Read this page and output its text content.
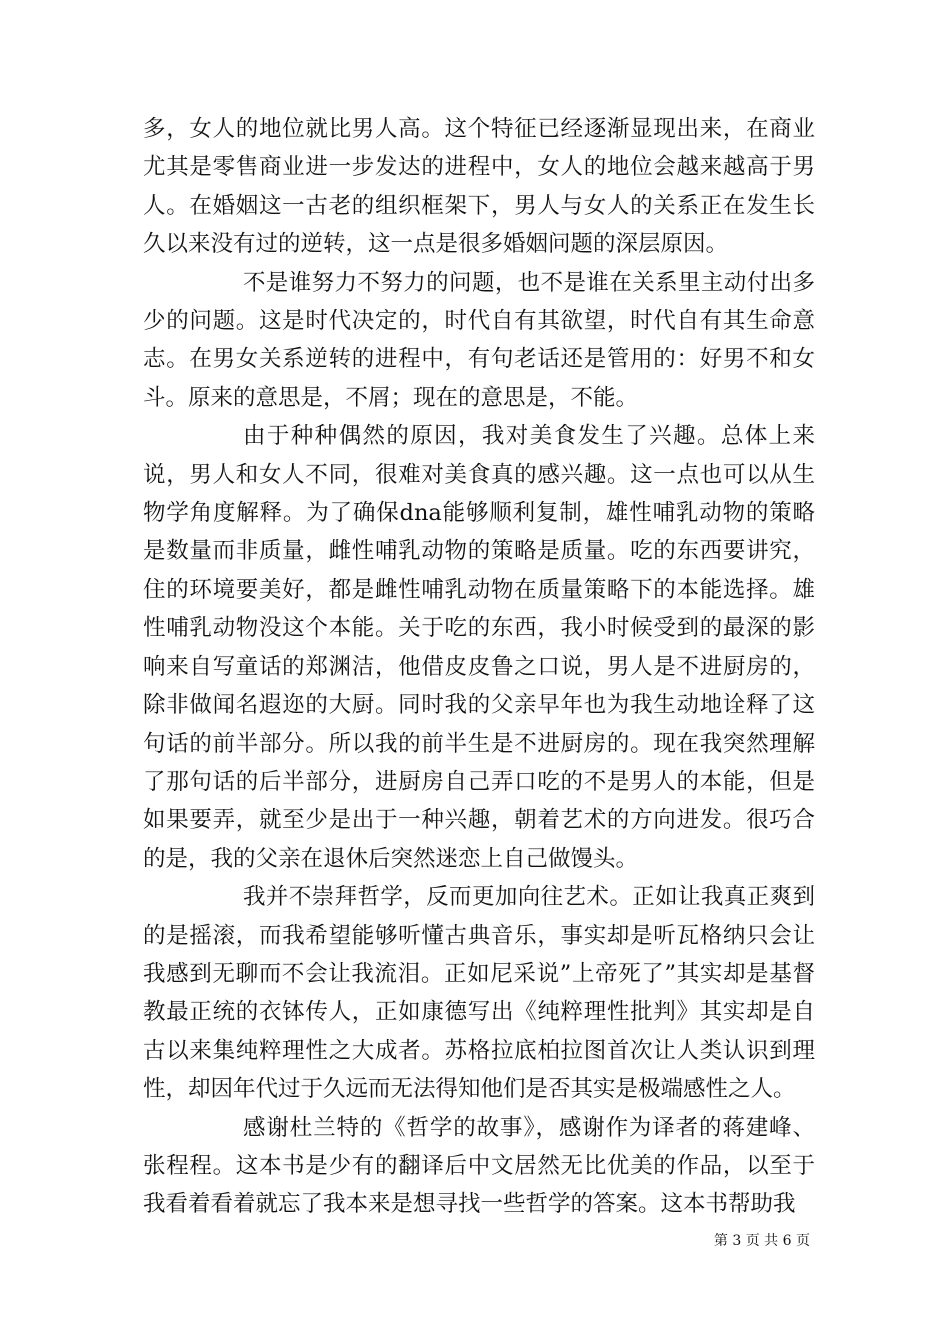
多，女人的地位就比男人高。这个特征已经逐渐显现出来，在商业尤其是零售商业进一步发达的进程中，女人的地位会越来越高于男人。在婚姻这一古老的组织框架下，男人与女人的关系正在发生长久以来没有过的逆转，这一点是很多婚姻问题的深层原因。

不是谁努力不努力的问题，也不是谁在关系里主动付出多少的问题。这是时代决定的，时代自有其欲望，时代自有其生命意志。在男女关系逆转的进程中，有句老话还是管用的：好男不和女斗。原来的意思是，不屑；现在的意思是，不能。

由于种种偶然的原因，我对美食发生了兴趣。总体上来说，男人和女人不同，很难对美食真的感兴趣。这一点也可以从生物学角度解释。为了确保dna能够顺利复制，雄性哺乳动物的策略是数量而非质量，雌性哺乳动物的策略是质量。吃的东西要讲究，住的环境要美好，都是雌性哺乳动物在质量策略下的本能选择。雄性哺乳动物没这个本能。关于吃的东西，我小时候受到的最深的影响来自写童话的郑渊洁，他借皮皮鲁之口说，男人是不进厨房的，除非做闻名遐迩的大厨。同时我的父亲早年也为我生动地诠释了这句话的前半部分。所以我的前半生是不进厨房的。现在我突然理解了那句话的后半部分，进厨房自己弄口吃的不是男人的本能，但是如果要弄，就至少是出于一种兴趣，朝着艺术的方向进发。很巧合的是，我的父亲在退休后突然迷恋上自己做馒头。

我并不崇拜哲学，反而更加向往艺术。正如让我真正爽到的是摇滚，而我希望能够听懂古典音乐，事实却是听瓦格纳只会让我感到无聊而不会让我流泪。正如尼采说”上帝死了”其实却是基督教最正统的衣钵传人，正如康德写出《纯粹理性批判》其实却是自古以来集纯粹理性之大成者。苏格拉底柏拉图首次让人类认识到理性，却因年代过于久远而无法得知他们是否其实是极端感性之人。

感谢杜兰特的《哲学的故事》，感谢作为译者的蒋建峰、张程程。这本书是少有的翻译后中文居然无比优美的作品，以至于我看着看着就忘了我本来是想寻找一些哲学的答案。这本书帮助我

第 3 页 共 6 页
